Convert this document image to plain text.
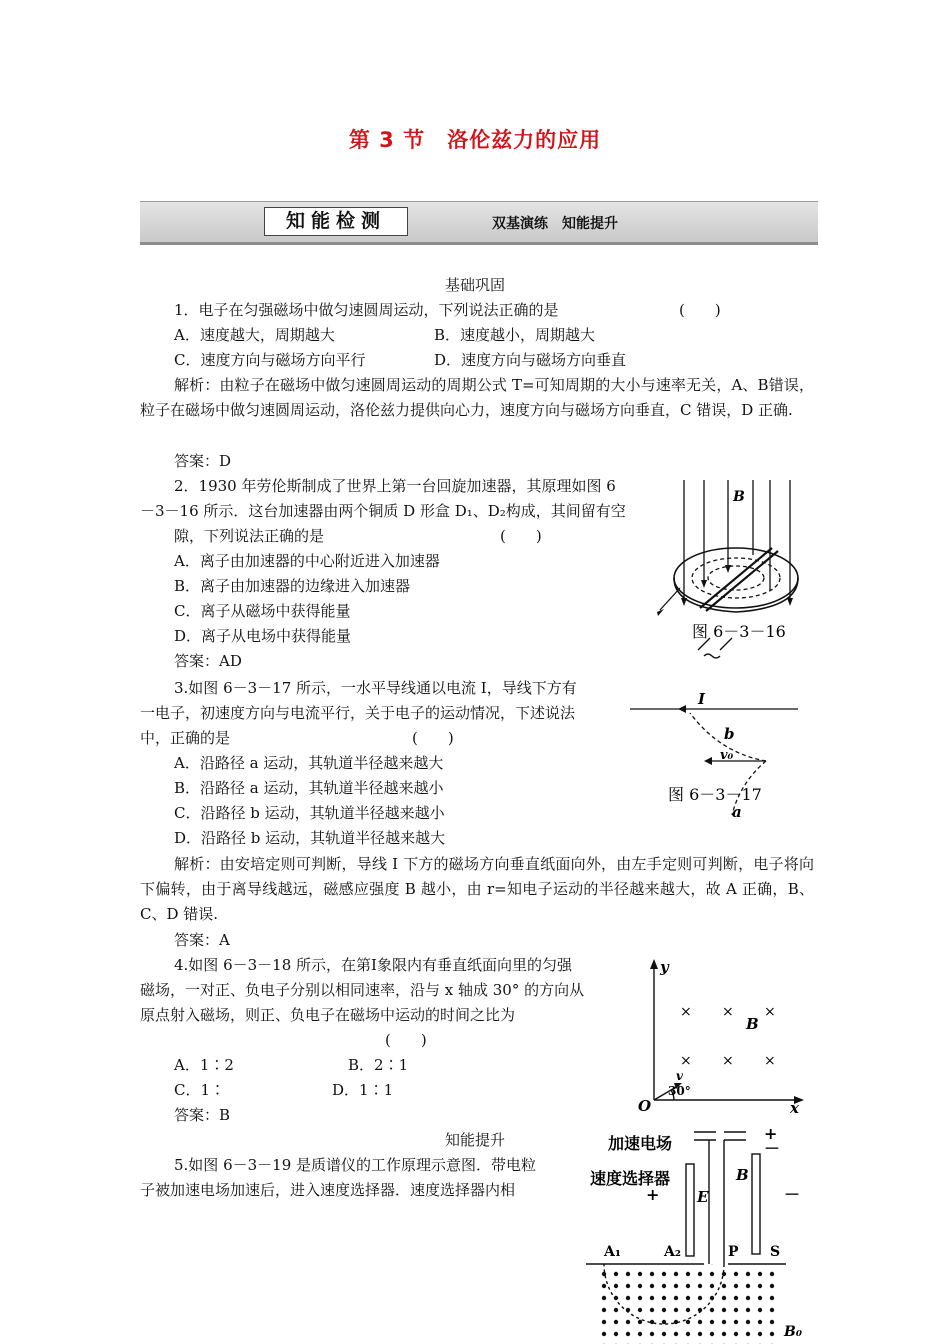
第 3 节　洛伦兹力的应用
知能检测	双基演练　知能提升
基础巩固
1．电子在匀强磁场中做匀速圆周运动，下列说法正确的是	(　　)
A．速度越大，周期越大	B．速度越小，周期越大
C．速度方向与磁场方向平行	D．速度方向与磁场方向垂直
解析：由粒子在磁场中做匀速圆周运动的周期公式 T=可知周期的大小与速率无关，A、B错误，粒子在磁场中做匀速圆周运动，洛伦兹力提供向心力，速度方向与磁场方向垂直，C 错误，D 正确.
答案：D
2．1930 年劳伦斯制成了世界上第一台回旋加速器，其原理如图 6
－3－16 所示．这台加速器由两个铜质 D 形盒 D₁、D₂构成，其间留有空
隙，下列说法正确的是	(　　)
A．离子由加速器的中心附近进入加速器
B．离子由加速器的边缘进入加速器
C．离子从磁场中获得能量
D．离子从电场中获得能量
答案：AD
B
图 6－3－16
3.如图 6－3－17 所示，一水平导线通以电流 I，导线下方有
一电子，初速度方向与电流平行，关于电子的运动情况，下述说法
中，正确的是	(　　)
A．沿路径 a 运动，其轨道半径越来越大
B．沿路径 a 运动，其轨道半径越来越小
C．沿路径 b 运动，其轨道半径越来越小
D．沿路径 b 运动，其轨道半径越来越大
解析：由安培定则可判断，导线 I 下方的磁场方向垂直纸面向外，由左手定则可判断，电子将向下偏转，由于离导线越远，磁感应强度 B 越小，由 r=知电子运动的半径越来越大，故 A 正确，B、C、D 错误.
答案：A
I
b
v₀
图 6－3－17
a
4.如图 6－3－18 所示，在第Ⅰ象限内有垂直纸面向里的匀强
磁场，一对正、负电子分别以相同速率，沿与 x 轴成 30° 的方向从
原点射入磁场，则正、负电子在磁场中运动的时间之比为
(　　)
A．1∶2	B．2∶1
C．1∶	D．1∶1
答案：B
y
x
O
B
v
30°
× × ×
× × ×
知能提升
5.如图 6－3－19 是质谱仪的工作原理示意图．带电粒
子被加速电场加速后，进入速度选择器．速度选择器内相
加速电场
+
－
速度选择器
+	－
E
B
A₁	A₂	P S
B₀
